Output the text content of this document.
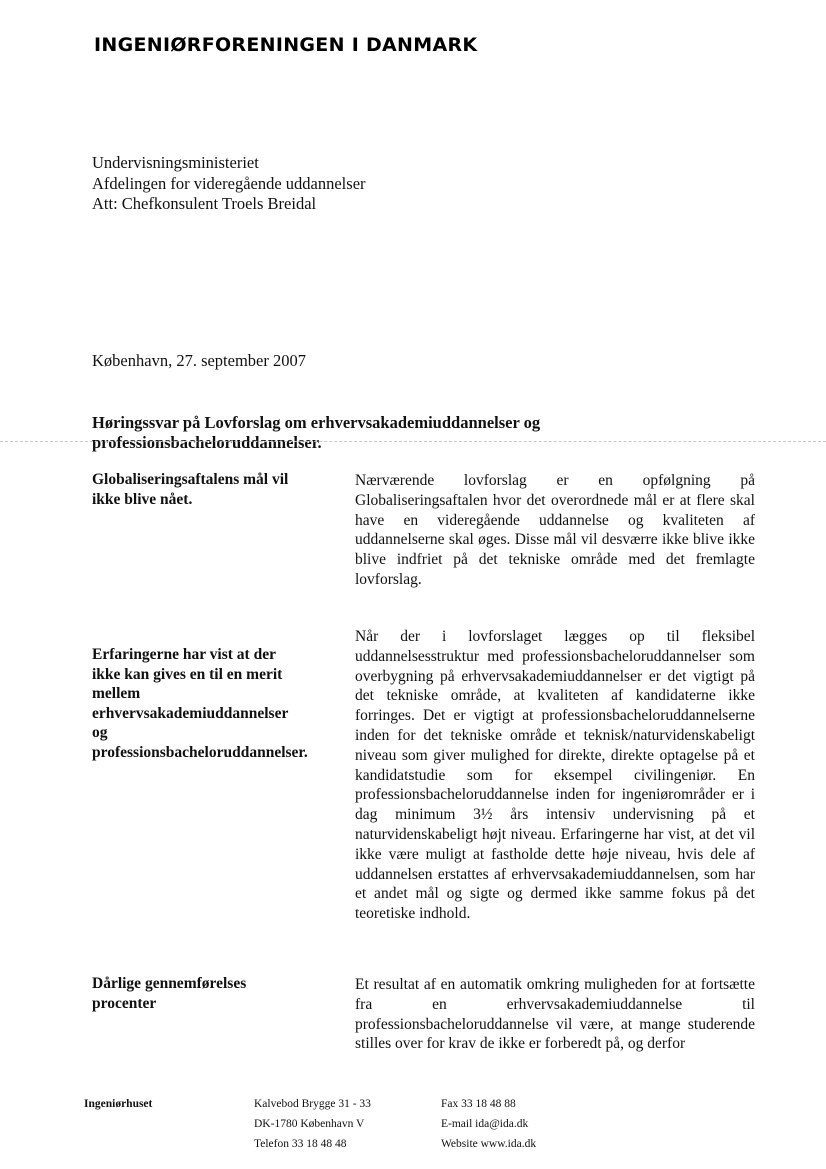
INGENIØRFORENINGEN I DANMARK
Undervisningsministeriet
Afdelingen for videregående uddannelser
Att: Chefkonsulent Troels Breidal
København, 27. september 2007
Høringssvar på Lovforslag om erhvervsakademiuddannelser og professionsbacheloruddannelser.
Globaliseringsaftalens mål vil ikke blive nået.
Nærværende lovforslag er en opfølgning på Globaliseringsaftalen hvor det overordnede mål er at flere skal have en videregående uddannelse og kvaliteten af uddannelserne skal øges. Disse mål vil desværre ikke blive ikke blive indfriet på det tekniske område med det fremlagte lovforslag.
Erfaringerne har vist at der ikke kan gives en til en merit mellem erhvervsakademiuddannelser og professionsbacheloruddannelser.
Når der i lovforslaget lægges op til fleksibel uddannelsesstruktur med professionsbacheloruddannelser som overbygning på erhvervsakademiuddannelser er det vigtigt på det tekniske område, at kvaliteten af kandidaterne ikke forringes. Det er vigtigt at professionsbacheloruddannelserne inden for det tekniske område et teknisk/naturvidenskabeligt niveau som giver mulighed for direkte, direkte optagelse på et kandidatstudie som for eksempel civilingeniør. En professionsbacheloruddannelse inden for ingeniørområder er i dag minimum 3½ års intensiv undervisning på et naturvidenskabeligt højt niveau. Erfaringerne har vist, at det vil ikke være muligt at fastholde dette høje niveau, hvis dele af uddannelsen erstattes af erhvervsakademiuddannelsen, som har et andet mål og sigte og dermed ikke samme fokus på det teoretiske indhold.
Dårlige gennemførelses procenter
Et resultat af en automatik omkring muligheden for at fortsætte fra en erhvervsakademiuddannelse til professionsbacheloruddannelse vil være, at mange studerende stilles over for krav de ikke er forberedt på, og derfor
Ingeniørhuset	Kalvebod Brygge 31 - 33
DK-1780 København V
Telefon 33 18 48 48
Fax 33 18 48 88
E-mail ida@ida.dk
Website www.ida.dk
